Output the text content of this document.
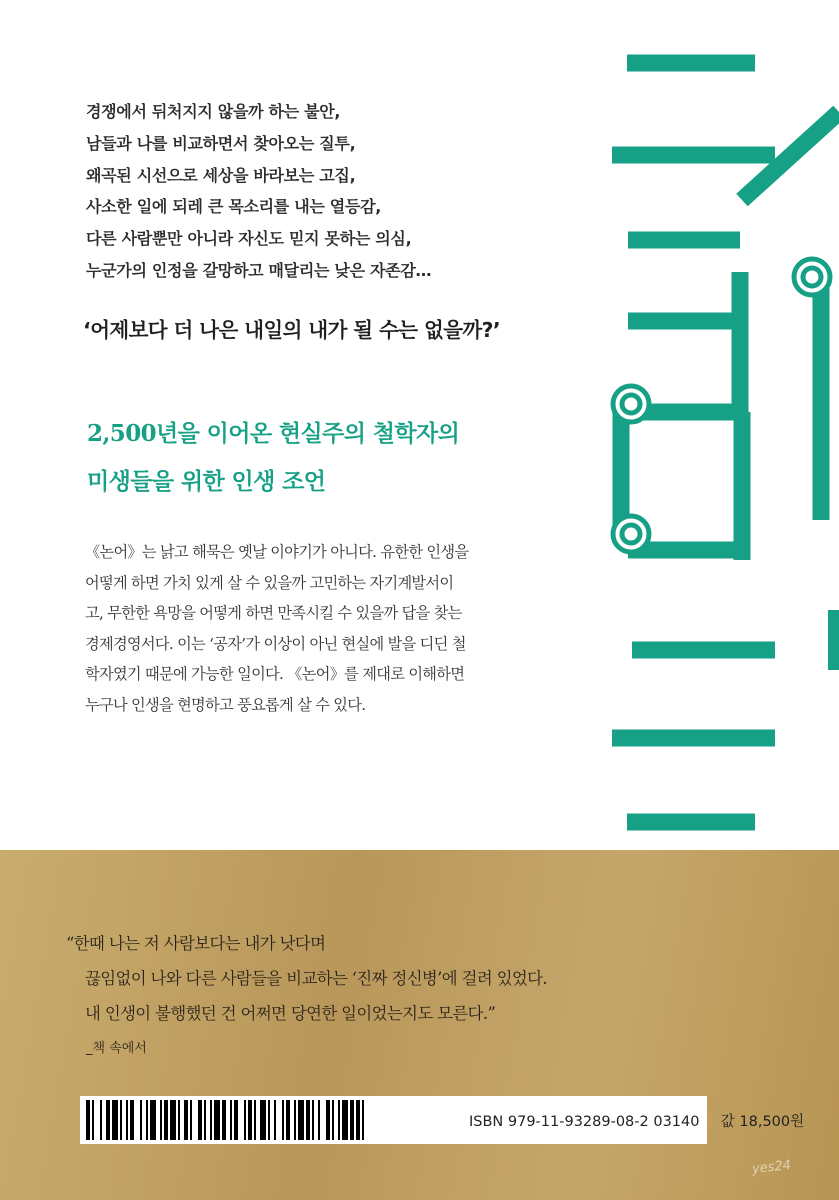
경쟁에서 뒤처지지 않을까 하는 불안,
남들과 나를 비교하면서 찾아오는 질투,
왜곡된 시선으로 세상을 바라보는 고집,
사소한 일에 되레 큰 목소리를 내는 열등감,
다른 사람뿐만 아니라 자신도 믿지 못하는 의심,
누군가의 인정을 갈망하고 매달리는 낮은 자존감…
‘어제보다 더 나은 내일의 내가 될 수는 없을까?’
2,500년을 이어온 현실주의 철학자의
미생들을 위한 인생 조언
《논어》는 낡고 해묵은 옛날 이야기가 아니다. 유한한 인생을
어떻게 하면 가치 있게 살 수 있을까 고민하는 자기계발서이
고, 무한한 욕망을 어떻게 하면 만족시킬 수 있을까 답을 찾는
경제경영서다. 이는 ‘공자’가 이상이 아닌 현실에 발을 디딘 철
학자였기 때문에 가능한 일이다. 《논어》를 제대로 이해하면
누구나 인생을 현명하고 풍요롭게 살 수 있다.
“한때 나는 저 사람보다는 내가 낫다며
끊임없이 나와 다른 사람들을 비교하는 ‘진짜 정신병’에 걸려 있었다.
내 인생이 불행했던 건 어쩌면 당연한 일이었는지도 모른다.”
_책 속에서
ISBN 979-11-93289-08-2 03140 | 값 18,500원
yes24
